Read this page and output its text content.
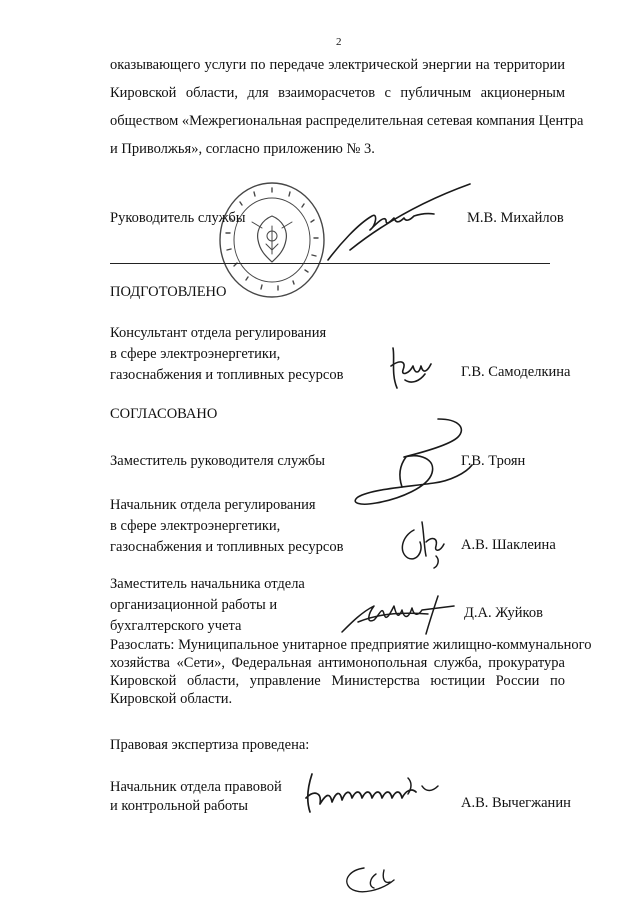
2

оказывающего услуги по передаче электрической энергии на территории

Кировской области, для взаиморасчетов с публичным акционерным

обществом «Межрегиональная распределительная сетевая компания Центра

и Приволжья», согласно приложению № 3.

Руководитель службы	М.В. Михайлов
ПОДГОТОВЛЕНО
Консультант отдела регулирования
в сфере электроэнергетики,
газоснабжения и топливных ресурсов	Г.В. Самоделкина
СОГЛАСОВАНО
Заместитель руководителя службы	Г.В. Троян
Начальник отдела регулирования
в сфере электроэнергетики,
газоснабжения и топливных ресурсов	А.В. Шаклеина
Заместитель начальника отдела
организационной работы и
бухгалтерского учета
Д.А. Жуйков

Разослать: Муниципальное унитарное предприятие жилищно-коммунального

хозяйства «Сети», Федеральная антимонопольная служба, прокуратура

Кировской области, управление Министерства юстиции России по

Кировской области.

Правовая экспертиза проведена:
Начальник отдела правовой
и контрольной работы	А.В. Вычегжанин
